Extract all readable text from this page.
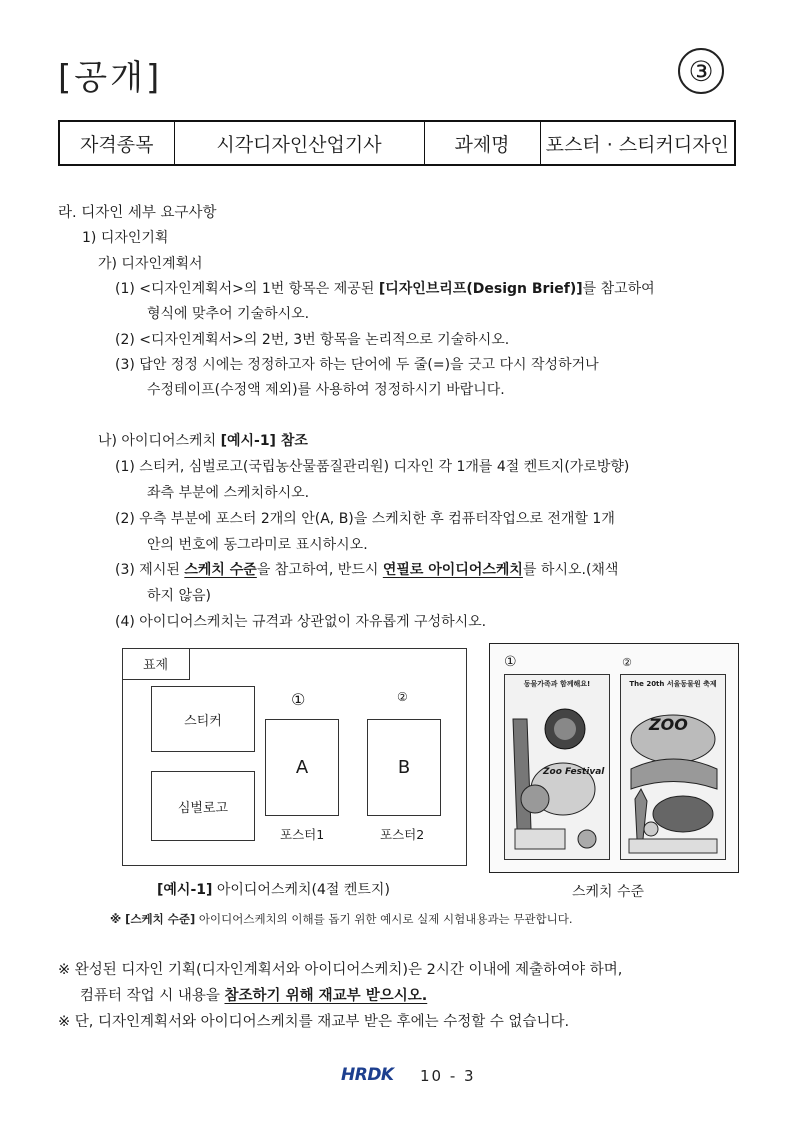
[공개]	③
자격종목	시각디자인산업기사	과제명	포스터 · 스티커디자인
라. 디자인 세부 요구사항
1) 디자인기획
가) 디자인계획서
(1) <디자인계획서>의 1번 항목은 제공된 [디자인브리프(Design Brief)]를 참고하여
형식에 맞추어 기술하시오.
(2) <디자인계획서>의 2번, 3번 항목을 논리적으로 기술하시오.
(3) 답안 정정 시에는 정정하고자 하는 단어에 두 줄(=)을 긋고 다시 작성하거나
수정테이프(수정액 제외)를 사용하여 정정하시기 바랍니다.
나) 아이디어스케치 [예시-1] 참조
(1) 스티커, 심벌로고(국립농산물품질관리원) 디자인 각 1개를 4절 켄트지(가로방향)
좌측 부분에 스케치하시오.
(2) 우측 부분에 포스터 2개의 안(A, B)을 스케치한 후 컴퓨터작업으로 전개할 1개
안의 번호에 동그라미로 표시하시오.
(3) 제시된 스케치 수준을 참고하여, 반드시 연필로 아이디어스케치를 하시오.(채색
하지 않음)
(4) 아이디어스케치는 규격과 상관없이 자유롭게 구성하시오.
표제
스티커
심벌로고
①	②
A	B
포스터1	포스터2
[예시-1] 아이디어스케치(4절 켄트지)
①	②
동물가족과 함께해요!
Zoo Festival
The 20th 서울동물원 축제
ZOO
스케치 수준
※ [스케치 수준] 아이디어스케치의 이해를 돕기 위한 예시로 실제 시험내용과는 무관합니다.
※ 완성된 디자인 기획(디자인계획서와 아이디어스케치)은 2시간 이내에 제출하여야 하며,
컴퓨터 작업 시 내용을 참조하기 위해 재교부 받으시오.
※ 단, 디자인계획서와 아이디어스케치를 재교부 받은 후에는 수정할 수 없습니다.
HRDK 10 - 3
